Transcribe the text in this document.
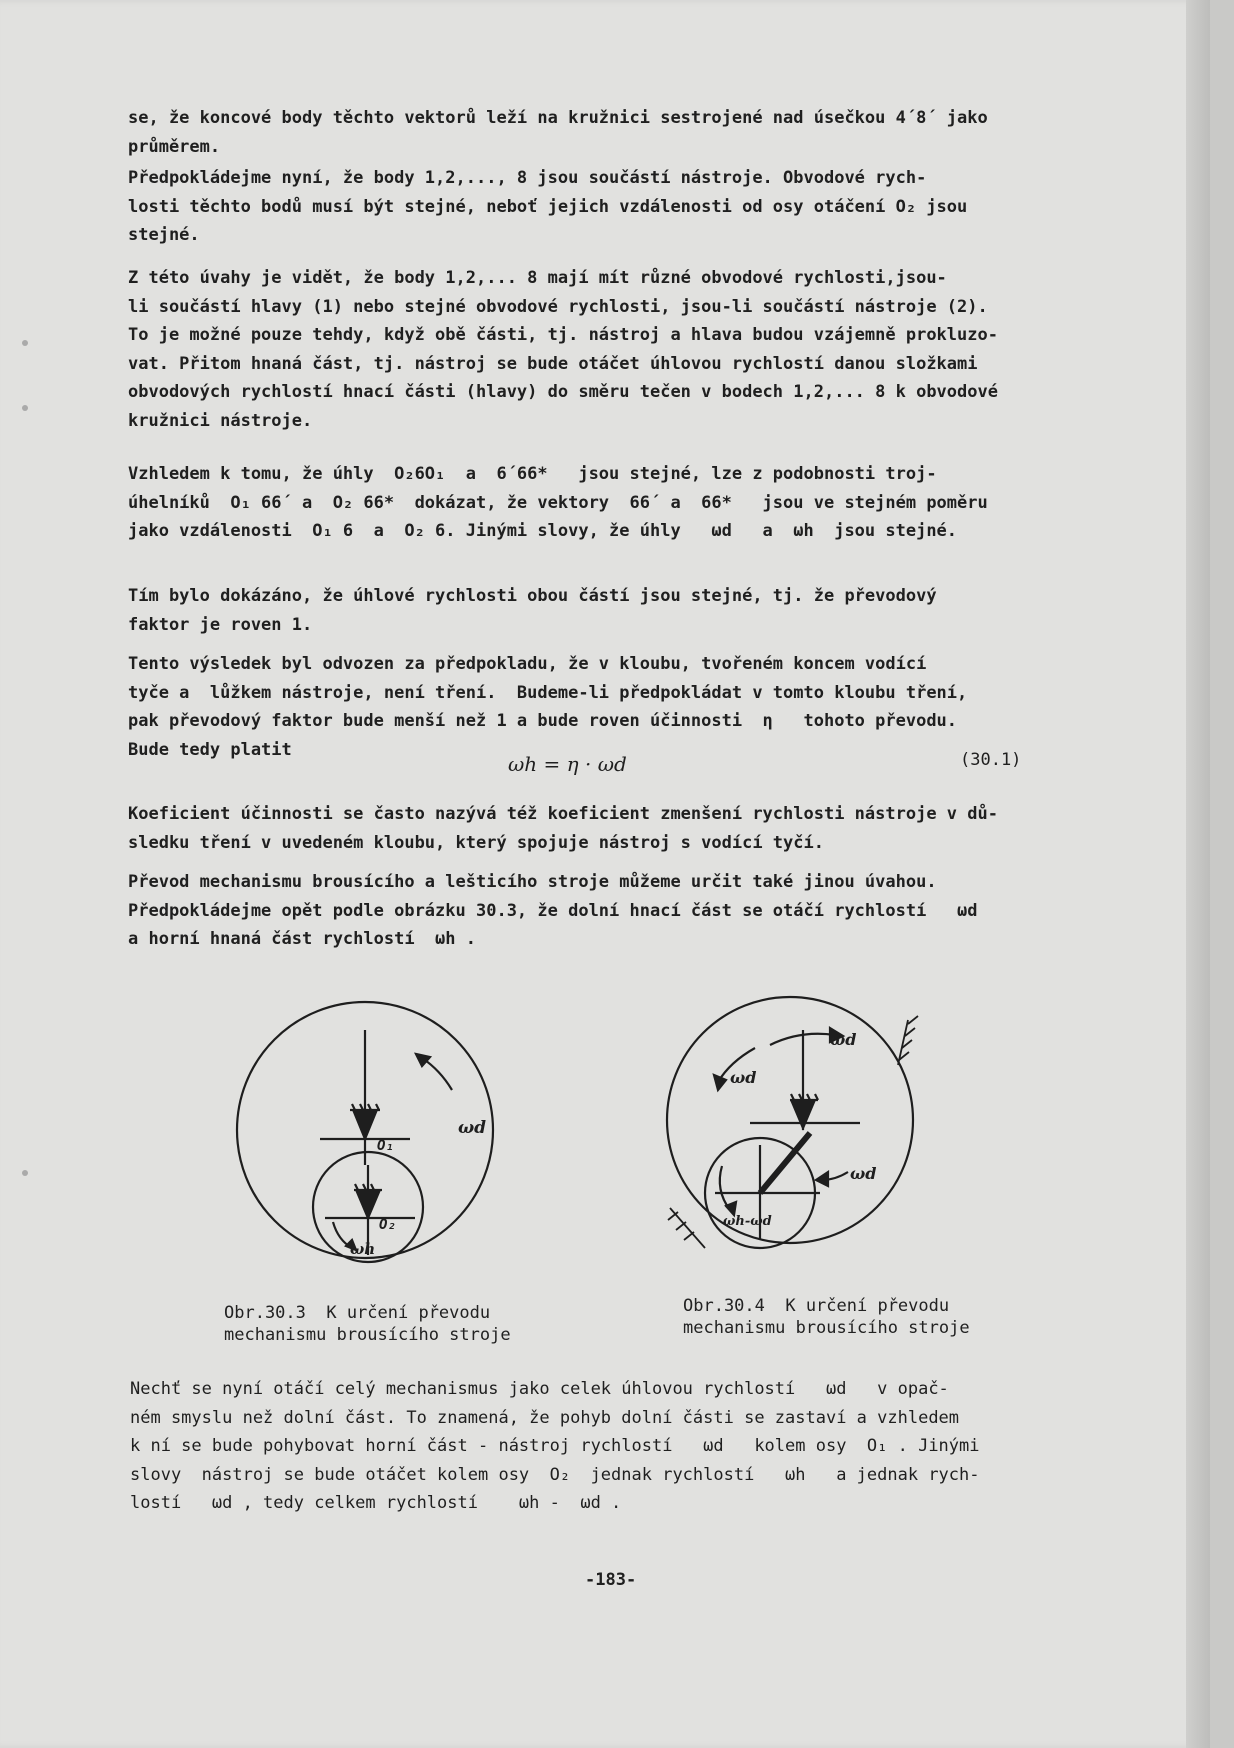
se, že koncové body těchto vektorů leží na kružnici sestrojené nad úsečkou 4´8´ jako
průměrem.
Předpokládejme nyní, že body 1,2,..., 8 jsou součástí nástroje. Obvodové rych-
losti těchto bodů musí být stejné, neboť jejich vzdálenosti od osy otáčení O₂ jsou
stejné.
Z této úvahy je vidět, že body 1,2,... 8 mají mít různé obvodové rychlosti,jsou-
li součástí hlavy (1) nebo stejné obvodové rychlosti, jsou-li součástí nástroje (2).
To je možné pouze tehdy, když obě části, tj. nástroj a hlava budou vzájemně prokluzo-
vat. Přitom hnaná část, tj. nástroj se bude otáčet úhlovou rychlostí danou složkami
obvodových rychlostí hnací části (hlavy) do směru tečen v bodech 1,2,... 8 k obvodové
kružnici nástroje.
Vzhledem k tomu, že úhly  O₂6O₁  a  6´66*   jsou stejné, lze z podobnosti troj-
úhelníků  O₁ 66´ a  O₂ 66*  dokázat, že vektory  66´ a  66*   jsou ve stejném poměru
jako vzdálenosti  O₁ 6  a  O₂ 6. Jinými slovy, že úhly   ωd   a  ωh  jsou stejné.
Tím bylo dokázáno, že úhlové rychlosti obou částí jsou stejné, tj. že převodový
faktor je roven 1.
Tento výsledek byl odvozen za předpokladu, že v kloubu, tvořeném koncem vodící
tyče a  lůžkem nástroje, není tření.  Budeme-li předpokládat v tomto kloubu tření,
pak převodový faktor bude menší než 1 a bude roven účinnosti  η   tohoto převodu.
Bude tedy platit
ωh = η · ωd	(30.1)
Koeficient účinnosti se často nazývá též koeficient zmenšení rychlosti nástroje v dů-
sledku tření v uvedeném kloubu, který spojuje nástroj s vodící tyčí.
Převod mechanismu brousícího a lešticího stroje můžeme určit také jinou úvahou.
Předpokládejme opět podle obrázku 30.3, že dolní hnací část se otáčí rychlostí   ωd
a horní hnaná část rychlostí  ωh .
O₁
O₂
ωd
ωh
Obr.30.3  K určení převodu
mechanismu brousícího stroje
ωd
ωd
ωd
ωh-ωd
Obr.30.4  K určení převodu
mechanismu brousícího stroje
Nechť se nyní otáčí celý mechanismus jako celek úhlovou rychlostí   ωd   v opač-
ném smyslu než dolní část. To znamená, že pohyb dolní části se zastaví a vzhledem
k ní se bude pohybovat horní část - nástroj rychlostí   ωd   kolem osy  O₁ . Jinými
slovy  nástroj se bude otáčet kolem osy  O₂  jednak rychlostí   ωh   a jednak rych-
lostí   ωd , tedy celkem rychlostí    ωh -  ωd .
-183-
